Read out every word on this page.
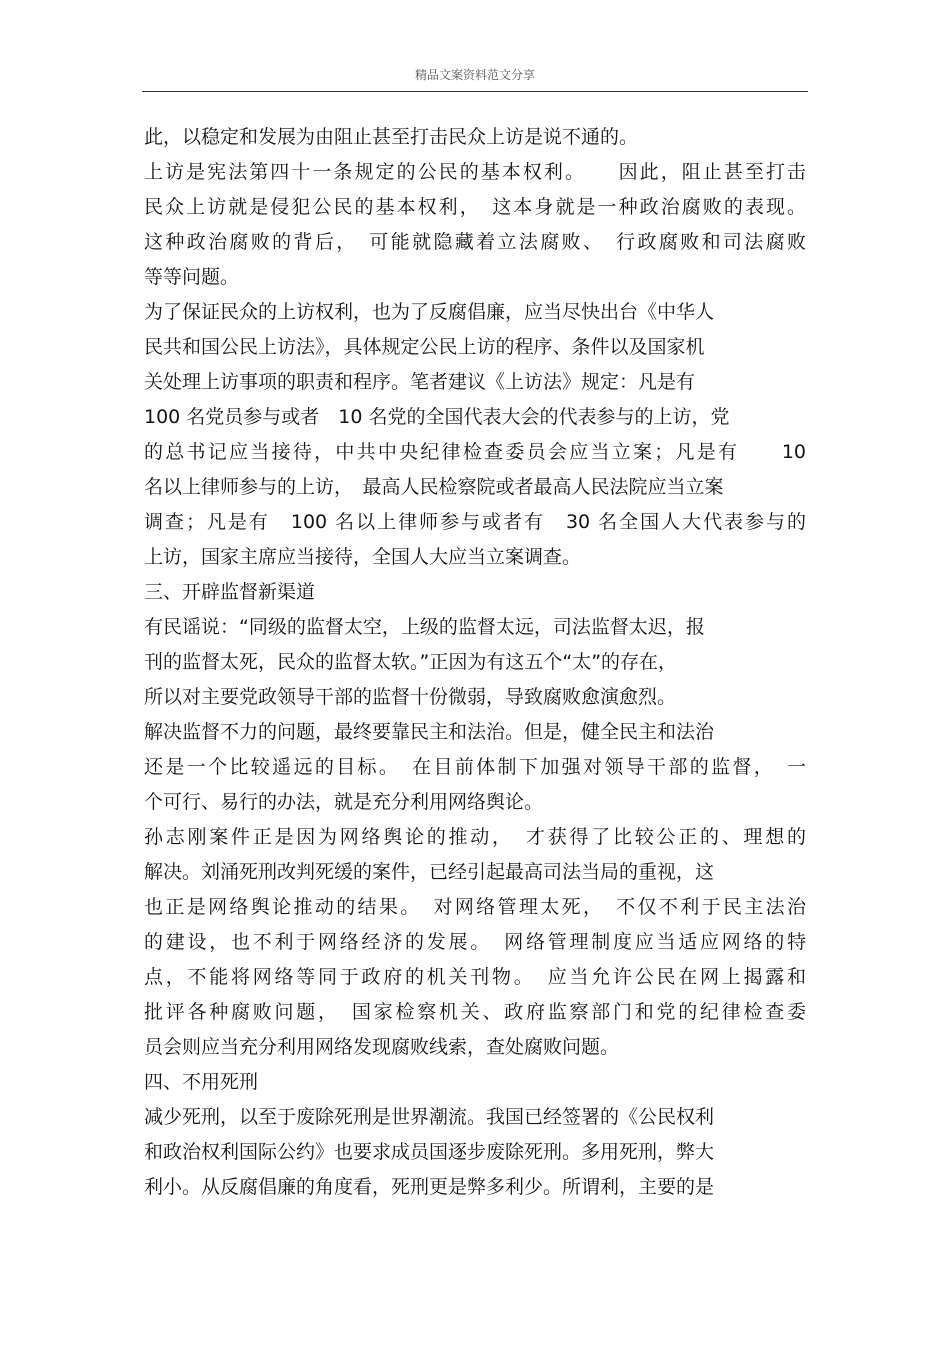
精品文案资料范文分享
此，以稳定和发展为由阻止甚至打击民众上访是说不通的。
上访是宪法第四十一条规定的公民的基本权利。　　因此，阻止甚至打击
民众上访就是侵犯公民的基本权利，　这本身就是一种政治腐败的表现。
这种政治腐败的背后，　可能就隐藏着立法腐败、　行政腐败和司法腐败
等等问题。
为了保证民众的上访权利，也为了反腐倡廉，应当尽快出台《中华人
民共和国公民上访法》，具体规定公民上访的程序、条件以及国家机
关处理上访事项的职责和程序。笔者建议《上访法》规定：凡是有
100 名党员参与或者　10 名党的全国代表大会的代表参与的上访，党
的总书记应当接待，中共中央纪律检查委员会应当立案；凡是有　　10
名以上律师参与的上访，　最高人民检察院或者最高人民法院应当立案
调查；凡是有　100 名以上律师参与或者有　30 名全国人大代表参与的
上访，国家主席应当接待，全国人大应当立案调查。
三、开辟监督新渠道
有民谣说：“同级的监督太空，上级的监督太远，司法监督太迟，报
刊的监督太死，民众的监督太软。”正因为有这五个“太”的存在，
所以对主要党政领导干部的监督十份微弱，导致腐败愈演愈烈。
解决监督不力的问题，最终要靠民主和法治。但是，健全民主和法治
还是一个比较遥远的目标。　在目前体制下加强对领导干部的监督，　一
个可行、易行的办法，就是充分利用网络舆论。
孙志刚案件正是因为网络舆论的推动，　才获得了比较公正的、理想的
解决。刘涌死刑改判死缓的案件，已经引起最高司法当局的重视，这
也正是网络舆论推动的结果。　对网络管理太死，　不仅不利于民主法治
的建设，也不利于网络经济的发展。　网络管理制度应当适应网络的特
点，不能将网络等同于政府的机关刊物。　应当允许公民在网上揭露和
批评各种腐败问题，　国家检察机关、政府监察部门和党的纪律检查委
员会则应当充分利用网络发现腐败线索，查处腐败问题。
四、不用死刑
减少死刑，以至于废除死刑是世界潮流。我国已经签署的《公民权利
和政治权利国际公约》也要求成员国逐步废除死刑。多用死刑，弊大
利小。从反腐倡廉的角度看，死刑更是弊多利少。所谓利，主要的是
